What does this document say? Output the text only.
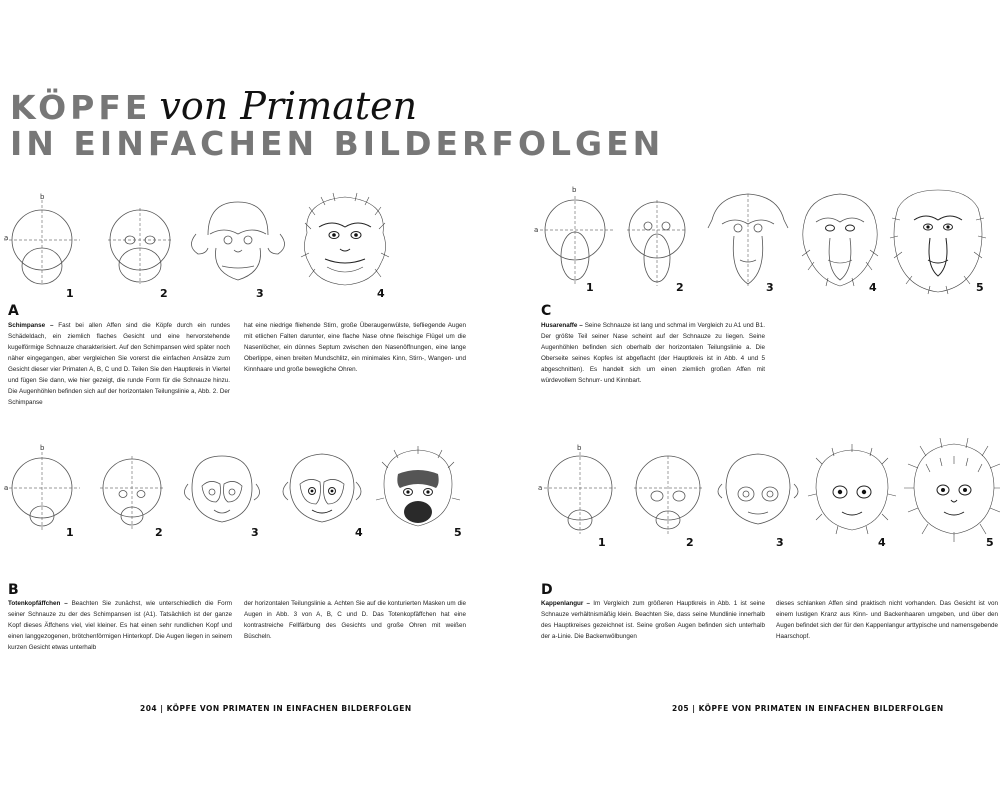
KÖPFE von Primaten
IN EINFACHEN BILDERFOLGEN
b
a
1	2	3	4
A
Schimpanse – Fast bei allen Affen sind die Köpfe durch ein rundes Schädeldach, ein ziemlich flaches Gesicht und eine hervorstehende kugelförmige Schnauze charakterisiert. Auf den Schimpansen wird später noch näher eingegangen, aber vergleichen Sie vorerst die einfachen Ansätze zum Gesicht dieser vier Primaten A, B, C und D. Teilen Sie den Hauptkreis in Viertel und fügen Sie dann, wie hier gezeigt, die runde Form für die Schnauze hinzu. Die Augenhöhlen befinden sich auf der horizontalen Teilungslinie a, Abb. 2. Der Schimpanse
hat eine niedrige fliehende Stirn, große Überaugenwülste, tiefliegende Augen mit etlichen Falten darunter, eine flache Nase ohne fleischige Flügel um die Nasenlöcher, ein dünnes Septum zwischen den Nasenöffnungen, eine lange Oberlippe, einen breiten Mundschlitz, ein minimales Kinn, Stirn-, Wangen- und Kinnhaare und große bewegliche Ohren.
b
a
1	2	3	4	5
C
Husarenaffe – Seine Schnauze ist lang und schmal im Vergleich zu A1 und B1. Der größte Teil seiner Nase scheint auf der Schnauze zu liegen. Seine Augenhöhlen befinden sich oberhalb der horizontalen Teilungslinie a. Die Oberseite seines Kopfes ist abgeflacht (der Hauptkreis ist in Abb. 4 und 5 abgeschnitten). Es handelt sich um einen ziemlich großen Affen mit würdevollem Schnurr- und Kinnbart.
b
a
1	2	3	4	5
B
Totenkopfäffchen – Beachten Sie zunächst, wie unterschiedlich die Form seiner Schnauze zu der des Schimpansen ist (A1). Tatsächlich ist der ganze Kopf dieses Äffchens viel, viel kleiner. Es hat einen sehr rundlichen Kopf und einen langgezogenen, brötchenförmigen Hinterkopf. Die Augen liegen in seinem kurzen Gesicht etwas unterhalb
der horizontalen Teilungslinie a. Achten Sie auf die konturierten Masken um die Augen in Abb. 3 von A, B, C und D. Das Totenkopfäffchen hat eine kontrastreiche Fellfärbung des Gesichts und große Ohren mit weißen Büscheln.
b
a
1	2	3	4	5
D
Kappenlangur – Im Vergleich zum größeren Hauptkreis in Abb. 1 ist seine Schnauze verhältnismäßig klein. Beachten Sie, dass seine Mundlinie innerhalb des Hauptkreises gezeichnet ist. Seine großen Augen befinden sich unterhalb der a-Linie. Die Backenwölbungen
dieses schlanken Affen sind praktisch nicht vorhanden. Das Gesicht ist von einem lustigen Kranz aus Kinn- und Backenhaaren umgeben, und über den Augen befindet sich der für den Kappenlangur arttypische und namensgebende Haarschopf.
204 | KÖPFE VON PRIMATEN IN EINFACHEN BILDERFOLGEN	205 | KÖPFE VON PRIMATEN IN EINFACHEN BILDERFOLGEN
